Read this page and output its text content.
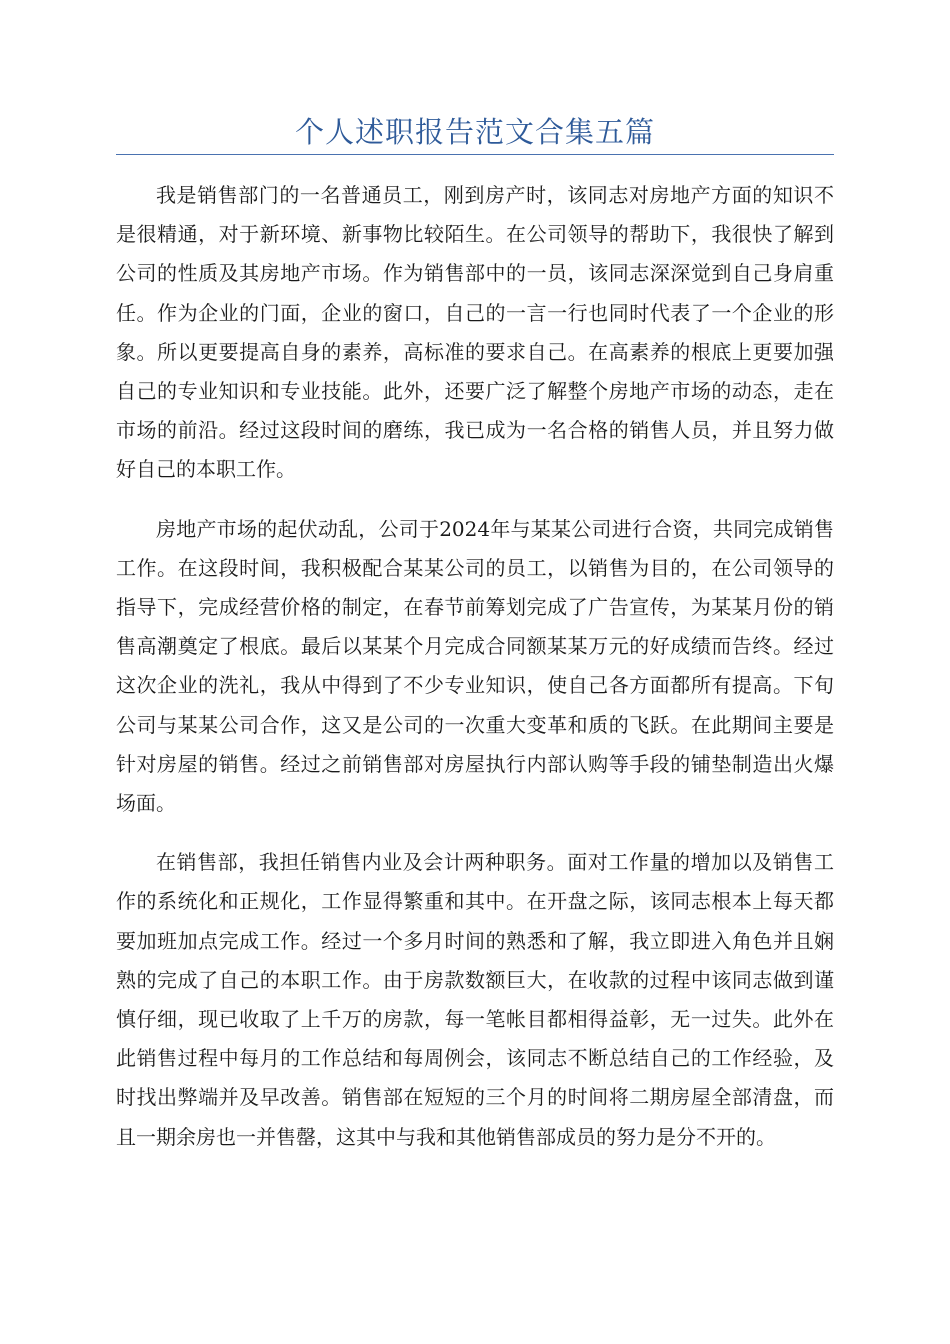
个人述职报告范文合集五篇

我是销售部门的一名普通员工，刚到房产时，该同志对房地产方面的知识不是很精通，对于新环境、新事物比较陌生。在公司领导的帮助下，我很快了解到公司的性质及其房地产市场。作为销售部中的一员，该同志深深觉到自己身肩重任。作为企业的门面，企业的窗口，自己的一言一行也同时代表了一个企业的形象。所以更要提高自身的素养，高标准的要求自己。在高素养的根底上更要加强自己的专业知识和专业技能。此外，还要广泛了解整个房地产市场的动态，走在市场的前沿。经过这段时间的磨练，我已成为一名合格的销售人员，并且努力做好自己的本职工作。

房地产市场的起伏动乱，公司于2024年与某某公司进行合资，共同完成销售工作。在这段时间，我积极配合某某公司的员工，以销售为目的，在公司领导的指导下，完成经营价格的制定，在春节前筹划完成了广告宣传，为某某月份的销售高潮奠定了根底。最后以某某个月完成合同额某某万元的好成绩而告终。经过这次企业的洗礼，我从中得到了不少专业知识，使自己各方面都所有提高。下旬公司与某某公司合作，这又是公司的一次重大变革和质的飞跃。在此期间主要是针对房屋的销售。经过之前销售部对房屋执行内部认购等手段的铺垫制造出火爆场面。

在销售部，我担任销售内业及会计两种职务。面对工作量的增加以及销售工作的系统化和正规化，工作显得繁重和其中。在开盘之际，该同志根本上每天都要加班加点完成工作。经过一个多月时间的熟悉和了解，我立即进入角色并且娴熟的完成了自己的本职工作。由于房款数额巨大，在收款的过程中该同志做到谨慎仔细，现已收取了上千万的房款，每一笔帐目都相得益彰，无一过失。此外在此销售过程中每月的工作总结和每周例会，该同志不断总结自己的工作经验，及时找出弊端并及早改善。销售部在短短的三个月的时间将二期房屋全部清盘，而且一期余房也一并售罄，这其中与我和其他销售部成员的努力是分不开的。
